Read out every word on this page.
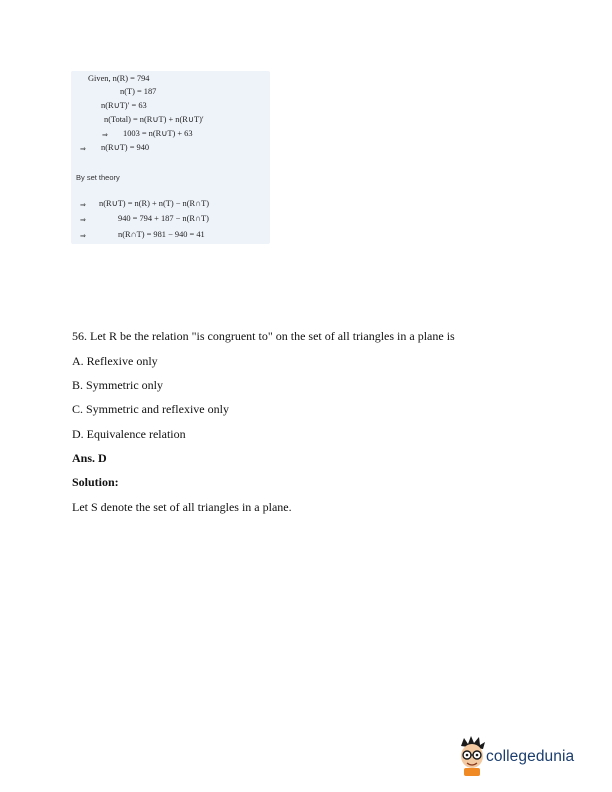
Given, n(R) = 794
n(T) = 187
n(R∪T)′ = 63
n(Total) = n(R∪T) + n(R∪T)′
⇒ 1003 = n(R∪T) + 63
⇒ n(R∪T) = 940
By set theory
⇒ n(R∪T) = n(R) + n(T) − n(R∩T)
⇒	940 = 794 + 187 − n(R∩T)
⇒	n(R∩T) = 981 − 940 = 41
56. Let R be the relation "is congruent to" on the set of all triangles in a plane is
A. Reflexive only
B. Symmetric only
C. Symmetric and reflexive only
D. Equivalence relation
Ans. D
Solution:
Let S denote the set of all triangles in a plane.
collegedunia
